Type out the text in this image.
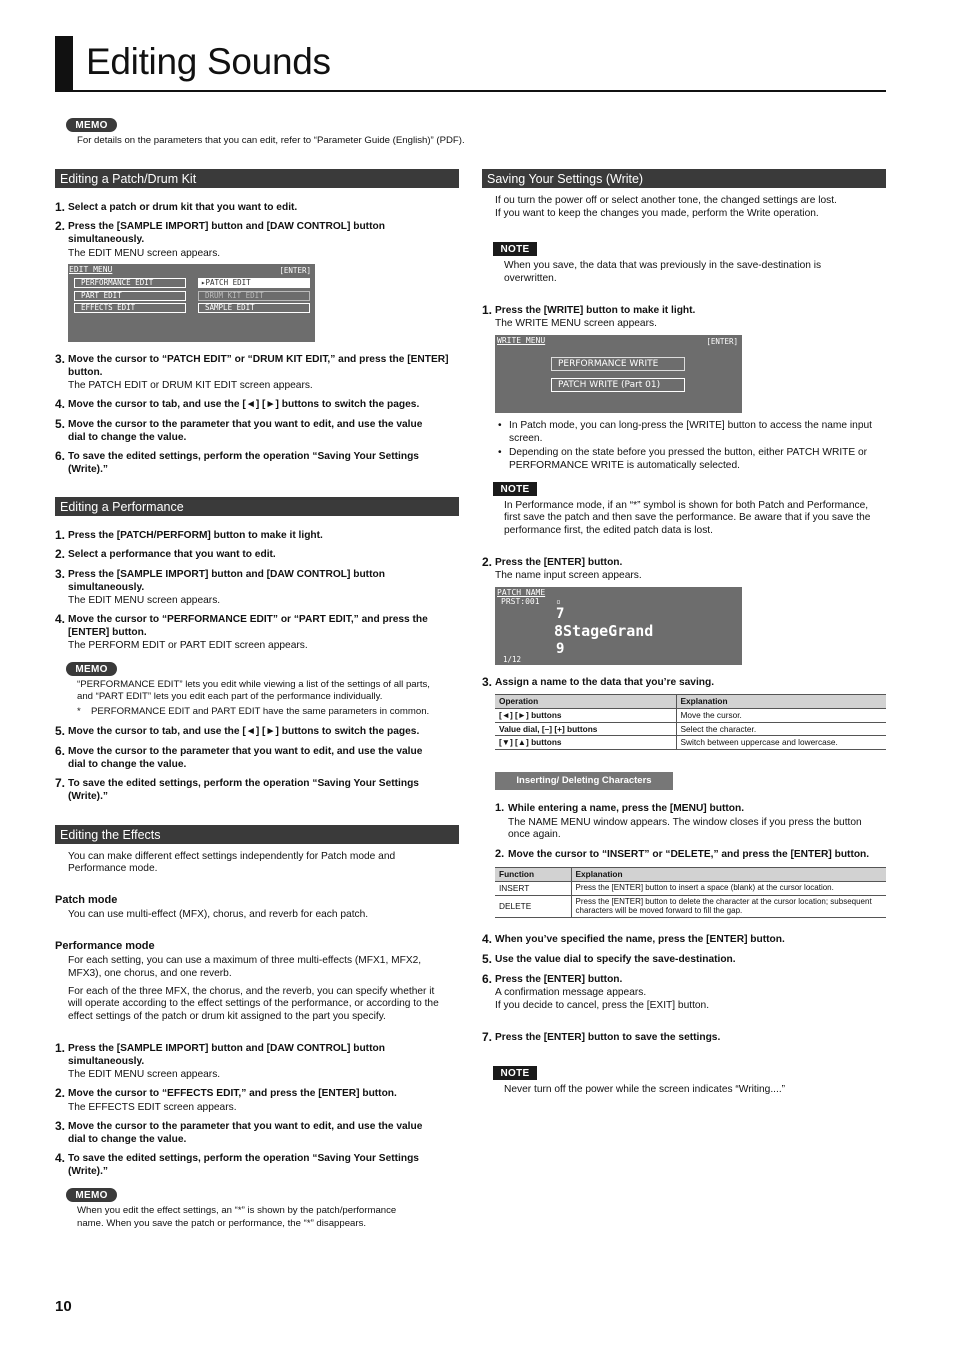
Editing Sounds
MEMO
For details on the parameters that you can edit, refer to “Parameter Guide (English)” (PDF).
Editing a Patch/Drum Kit
1. Select a patch or drum kit that you want to edit.
2. Press the [SAMPLE IMPORT] button and [DAW CONTROL] button
simultaneously.
The EDIT MENU screen appears.
EDIT MENU	[ENTER]
PERFORMANCE EDIT
PART EDIT
EFFECTS EDIT
▸PATCH EDIT
DRUM KIT EDIT
SAMPLE EDIT
3. Move the cursor to “PATCH EDIT” or “DRUM KIT EDIT,” and press the [ENTER]
button.
The PATCH EDIT or DRUM KIT EDIT screen appears.
4. Move the cursor to tab, and use the [◄] [►] buttons to switch the pages.
5. Move the cursor to the parameter that you want to edit, and use the value
dial to change the value.
6. To save the edited settings, perform the operation “Saving Your Settings
(Write).”
Editing a Performance
1. Press the [PATCH/PERFORM] button to make it light.
2. Select a performance that you want to edit.
3. Press the [SAMPLE IMPORT] button and [DAW CONTROL] button
simultaneously.
The EDIT MENU screen appears.
4. Move the cursor to “PERFORMANCE EDIT” or “PART EDIT,” and press the
[ENTER] button.
The PERFORM EDIT or PART EDIT screen appears.
MEMO
“PERFORMANCE EDIT” lets you edit while viewing a list of the settings of all parts,
and “PART EDIT” lets you edit each part of the performance individually.
* PERFORMANCE EDIT and PART EDIT have the same parameters in common.
5. Move the cursor to tab, and use the [◄] [►] buttons to switch the pages.
6. Move the cursor to the parameter that you want to edit, and use the value
dial to change the value.
7. To save the edited settings, perform the operation “Saving Your Settings
(Write).”
Editing the Effects
You can make different effect settings independently for Patch mode and
Performance mode.
Patch mode
You can use multi-effect (MFX), chorus, and reverb for each patch.
Performance mode
For each setting, you can use a maximum of three multi-effects (MFX1, MFX2,
MFX3), one chorus, and one reverb.
For each of the three MFX, the chorus, and the reverb, you can specify whether it
will operate according to the effect settings of the performance, or according to the
effect settings of the patch or drum kit assigned to the part you specify.
1. Press the [SAMPLE IMPORT] button and [DAW CONTROL] button
simultaneously.
The EDIT MENU screen appears.
2. Move the cursor to “EFFECTS EDIT,” and press the [ENTER] button.
The EFFECTS EDIT screen appears.
3. Move the cursor to the parameter that you want to edit, and use the value
dial to change the value.
4. To save the edited settings, perform the operation “Saving Your Settings
(Write).”
MEMO
When you edit the effect settings, an “*” is shown by the patch/performance
name. When you save the patch or performance, the “*” disappears.
Saving Your Settings (Write)
If ou turn the power off or select another tone, the changed settings are lost.
If you want to keep the changes you made, perform the Write operation.
NOTE
When you save, the data that was previously in the save-destination is
overwritten.
1. Press the [WRITE] button to make it light.
The WRITE MENU screen appears.
WRITE MENU	[ENTER]
PERFORMANCE WRITE
PATCH WRITE (Part 01)
• In Patch mode, you can long-press the [WRITE] button to access the name input
screen.
• Depending on the state before you pressed the button, either PATCH WRITE or
PERFORMANCE WRITE is automatically selected.
NOTE
In Performance mode, if an “*” symbol is shown for both Patch and Performance,
first save the patch and then save the performance. Be aware that if you save the
performance first, the edited patch data is lost.
2. Press the [ENTER] button.
The name input screen appears.
PATCH NAME
PRST:001 ▫
7
8StageGrand
9
1/12
3. Assign a name to the data that you’re saving.
Operation	Explanation
[◄] [►] buttons	Move the cursor.
Value dial, [–] [+] buttons	Select the character.
[▼] [▲] buttons	Switch between uppercase and lowercase.
Inserting/ Deleting Characters
1. While entering a name, press the [MENU] button.
The NAME MENU window appears. The window closes if you press the button
once again.
2. Move the cursor to “INSERT” or “DELETE,” and press the [ENTER] button.
Function	Explanation
INSERT	Press the [ENTER] button to insert a space (blank) at the cursor location.
DELETE	Press the [ENTER] button to delete the character at the cursor location; subsequent characters will be moved forward to fill the gap.
4. When you’ve specified the name, press the [ENTER] button.
5. Use the value dial to specify the save-destination.
6. Press the [ENTER] button.
A confirmation message appears.
If you decide to cancel, press the [EXIT] button.
7. Press the [ENTER] button to save the settings.
NOTE
Never turn off the power while the screen indicates “Writing....”
10
